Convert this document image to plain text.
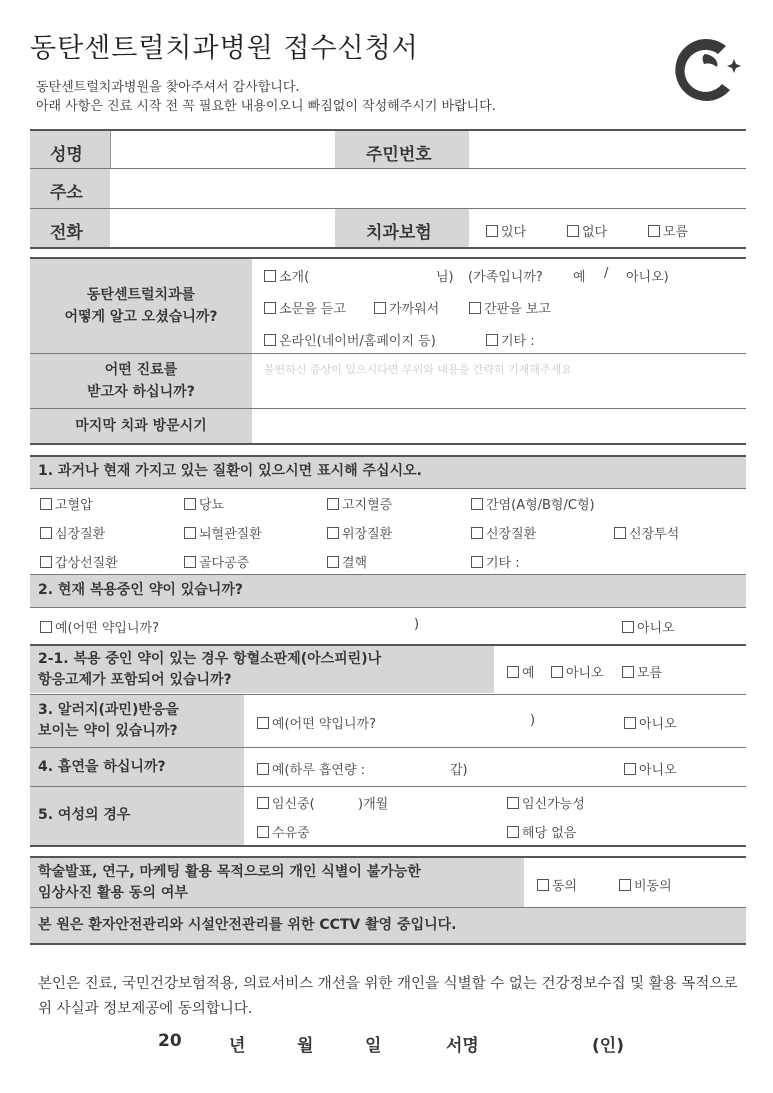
동탄센트럴치과병원 접수신청서
동탄센트럴치과병원을 찾아주셔서 감사합니다.
아래 사항은 진료 시작 전 꼭 필요한 내용이오니 빠짐없이 작성해주시기 바랍니다.
성명	주민번호
주소
전화	치과보험	있다	없다	모름
동탄센트럴치과를
어떻게 알고 오셨습니까?
소개(	님) (가족입니까? 예 / 아니오)
소문을 듣고	가까워서	간판을 보고
온라인(네이버/홈페이지 등)	기타 :
어떤 진료를
받고자 하십니까?
불편하신 증상이 있으시다면 부위와 내용을 간략히 기재해주세요
마지막 치과 방문시기
1. 과거나 현재 가지고 있는 질환이 있으시면 표시해 주십시오.
고혈압	당뇨	고지혈증	간염(A형/B형/C형)
심장질환	뇌혈관질환	위장질환	신장질환	신장투석
갑상선질환	골다공증	결핵	기타 :
2. 현재 복용중인 약이 있습니까?
예(어떤 약입니까?	)	아니오
2-1. 복용 중인 약이 있는 경우 항혈소판제(아스피린)나
항응고제가 포함되어 있습니까?	예	아니오	모름
3. 알러지(과민)반응을
보이는 약이 있습니까?	예(어떤 약입니까?	)	아니오
4. 흡연을 하십니까?	예(하루 흡연량 :	갑)	아니오
5. 여성의 경우
임신중(	)개월	임신가능성
수유중	해당 없음
학술발표, 연구, 마케팅 활용 목적으로의 개인 식별이 불가능한
임상사진 활용 동의 여부	동의	비동의
본 원은 환자안전관리와 시설안전관리를 위한 CCTV 촬영 중입니다.
본인은 진료, 국민건강보험적용, 의료서비스 개선을 위한 개인을 식별할 수 없는 건강정보수집 및 활용 목적으로 위 사실과 정보제공에 동의합니다.
20	년	월	일	서명	(인)
